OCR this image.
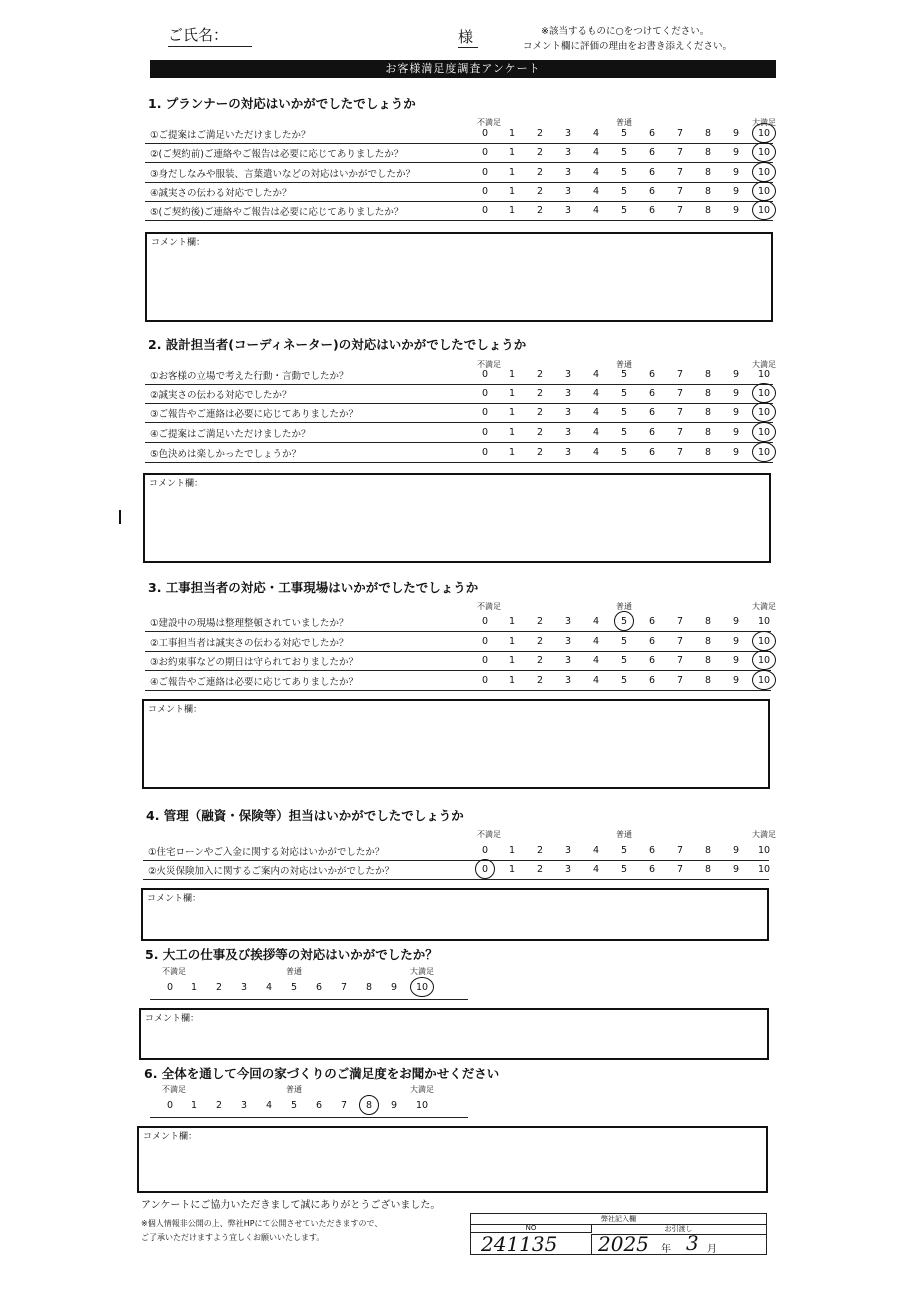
ご氏名：	様	※該当するものに○をつけてください。
コメント欄に評価の理由をお書き添えください。
お客様満足度調査アンケート
1. プランナーの対応はいかがでしたでしょうか
不満足	普通	大満足
①ご提案はご満足いただけましたか？	0	1	2	3	4	5	6	7	8	9	10
②(ご契約前)ご連絡やご報告は必要に応じてありましたか？	0	1	2	3	4	5	6	7	8	9	10
③身だしなみや服装、言葉遣いなどの対応はいかがでしたか？	0	1	2	3	4	5	6	7	8	9	10
④誠実さの伝わる対応でしたか？	0	1	2	3	4	5	6	7	8	9	10
⑤(ご契約後)ご連絡やご報告は必要に応じてありましたか？	0	1	2	3	4	5	6	7	8	9	10
コメント欄：
2. 設計担当者(コーディネーター)の対応はいかがでしたでしょうか
不満足	普通	大満足
①お客様の立場で考えた行動・言動でしたか？	0	1	2	3	4	5	6	7	8	9	10
②誠実さの伝わる対応でしたか？	0	1	2	3	4	5	6	7	8	9	10
③ご報告やご連絡は必要に応じてありましたか？	0	1	2	3	4	5	6	7	8	9	10
④ご提案はご満足いただけましたか？	0	1	2	3	4	5	6	7	8	9	10
⑤色決めは楽しかったでしょうか？	0	1	2	3	4	5	6	7	8	9	10
コメント欄：
3. 工事担当者の対応・工事現場はいかがでしたでしょうか
不満足	普通	大満足
①建設中の現場は整理整頓されていましたか？	0	1	2	3	4	5	6	7	8	9	10
②工事担当者は誠実さの伝わる対応でしたか？	0	1	2	3	4	5	6	7	8	9	10
③お約束事などの期日は守られておりましたか？	0	1	2	3	4	5	6	7	8	9	10
④ご報告やご連絡は必要に応じてありましたか？	0	1	2	3	4	5	6	7	8	9	10
コメント欄：
4. 管理（融資・保険等）担当はいかがでしたでしょうか
不満足	普通	大満足
①住宅ローンやご入金に関する対応はいかがでしたか？	0	1	2	3	4	5	6	7	8	9	10
②火災保険加入に関するご案内の対応はいかがでしたか？	0	1	2	3	4	5	6	7	8	9	10
コメント欄：
5. 大工の仕事及び挨拶等の対応はいかがでしたか？
不満足	普通	大満足
0	1	2	3	4	5	6	7	8	9	10
コメント欄：
6. 全体を通して今回の家づくりのご満足度をお聞かせください
不満足	普通	大満足
0	1	2	3	4	5	6	7	8	9	10
コメント欄：
アンケートにご協力いただきまして誠にありがとうございました。
※個人情報非公開の上、弊社HPにて公開させていただきますので、
ご了承いただけますよう宜しくお願いいたします。
弊社記入欄
NO	お引渡し
241135 2025 年 3 月
